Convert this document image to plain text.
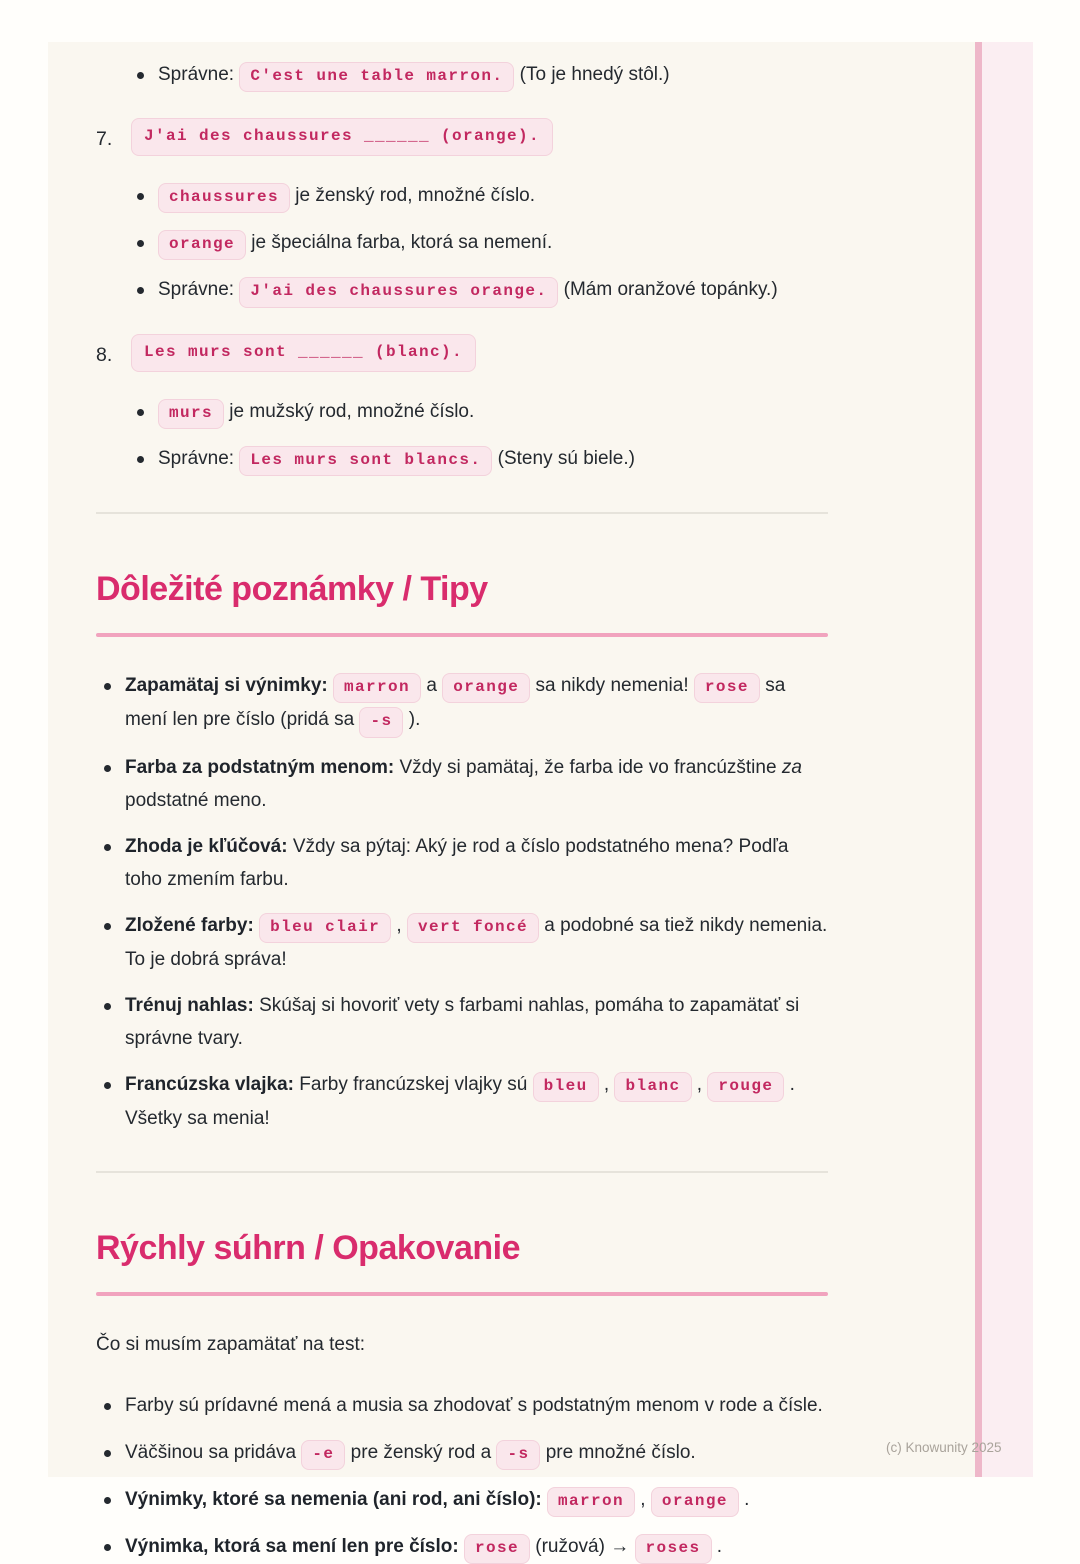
Správne: C'est une table marron. (To je hnedý stôl.)
7.	J'ai des chaussures ______ (orange).
chaussures je ženský rod, množné číslo.
orange je špeciálna farba, ktorá sa nemení.
Správne: J'ai des chaussures orange. (Mám oranžové topánky.)
8.	Les murs sont ______ (blanc).
murs je mužský rod, množné číslo.
Správne: Les murs sont blancs. (Steny sú biele.)
Dôležité poznámky / Tipy
Zapamätaj si výnimky: marron a orange sa nikdy nemenia! rose sa mení len pre číslo (pridá sa -s ).
Farba za podstatným menom: Vždy si pamätaj, že farba ide vo francúzštine za podstatné meno.
Zhoda je kľúčová: Vždy sa pýtaj: Aký je rod a číslo podstatného mena? Podľa toho zmením farbu.
Zložené farby: bleu clair , vert foncé a podobné sa tiež nikdy nemenia. To je dobrá správa!
Trénuj nahlas: Skúšaj si hovoriť vety s farbami nahlas, pomáha to zapamätať si správne tvary.
Francúzska vlajka: Farby francúzskej vlajky sú bleu , blanc , rouge . Všetky sa menia!
Rýchly súhrn / Opakovanie

Čo si musím zapamätať na test:

Farby sú prídavné mená a musia sa zhodovať s podstatným menom v rode a čísle.
Väčšinou sa pridáva -e pre ženský rod a -s pre množné číslo.
Výnimky, ktoré sa nemenia (ani rod, ani číslo): marron , orange .
Výnimka, ktorá sa mení len pre číslo: rose (ružová) → roses .
(c) Knowunity 2025
